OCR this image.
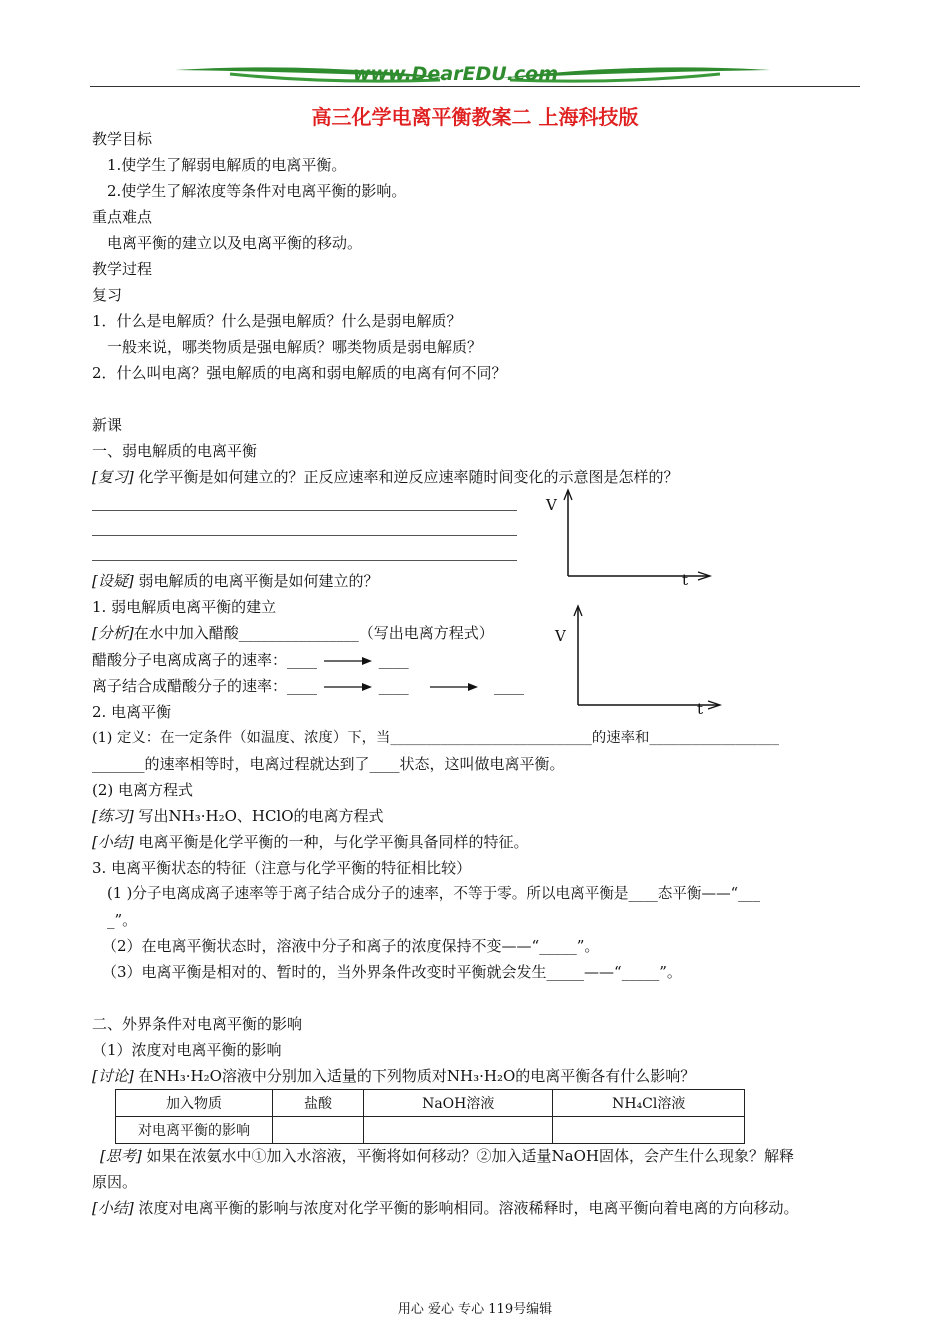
www.DearEDU.com
高三化学电离平衡教案二 上海科技版
教学目标
1.使学生了解弱电解质的电离平衡。
2.使学生了解浓度等条件对电离平衡的影响。
重点难点
电离平衡的建立以及电离平衡的移动。
教学过程
复习
1．什么是电解质？什么是强电解质？什么是弱电解质？
一般来说，哪类物质是强电解质？哪类物质是弱电解质？
2．什么叫电离？强电解质的电离和弱电解质的电离有何不同？
新课
一、弱电解质的电离平衡
[复习] 化学平衡是如何建立的？正反应速率和逆反应速率随时间变化的示意图是怎样的？
V
t
[设疑] 弱电解质的电离平衡是如何建立的？
1. 弱电解质电离平衡的建立
[分析]在水中加入醋酸________________（写出电离方程式）
醋酸分子电离成离子的速率：____	____
离子结合成醋酸分子的速率：____	____	____
V
t
2. 电离平衡
(1) 定义：在一定条件（如温度、浓度）下，当____________________________的速率和__________________
_______的速率相等时，电离过程就达到了____状态，这叫做电离平衡。
(2) 电离方程式
[练习] 写出NH₃·H₂O、HClO的电离方程式
[小结] 电离平衡是化学平衡的一种，与化学平衡具备同样的特征。
3. 电离平衡状态的特征（注意与化学平衡的特征相比较）
(1 )分子电离成离子速率等于离子结合成分子的速率，不等于零。所以电离平衡是____态平衡——“___
_”。
（2）在电离平衡状态时，溶液中分子和离子的浓度保持不变——“_____”。
（3）电离平衡是相对的、暂时的，当外界条件改变时平衡就会发生_____——“_____”。
二、外界条件对电离平衡的影响
（1）浓度对电离平衡的影响
[讨论] 在NH₃·H₂O溶液中分别加入适量的下列物质对NH₃·H₂O的电离平衡各有什么影响？
加入物质	盐酸	NaOH溶液	NH₄Cl溶液
对电离平衡的影响			
[思考] 如果在浓氨水中①加入水溶液，平衡将如何移动？②加入适量NaOH固体，会产生什么现象？解释
原因。
[小结] 浓度对电离平衡的影响与浓度对化学平衡的影响相同。溶液稀释时，电离平衡向着电离的方向移动。
用心 爱心 专心 119号编辑
